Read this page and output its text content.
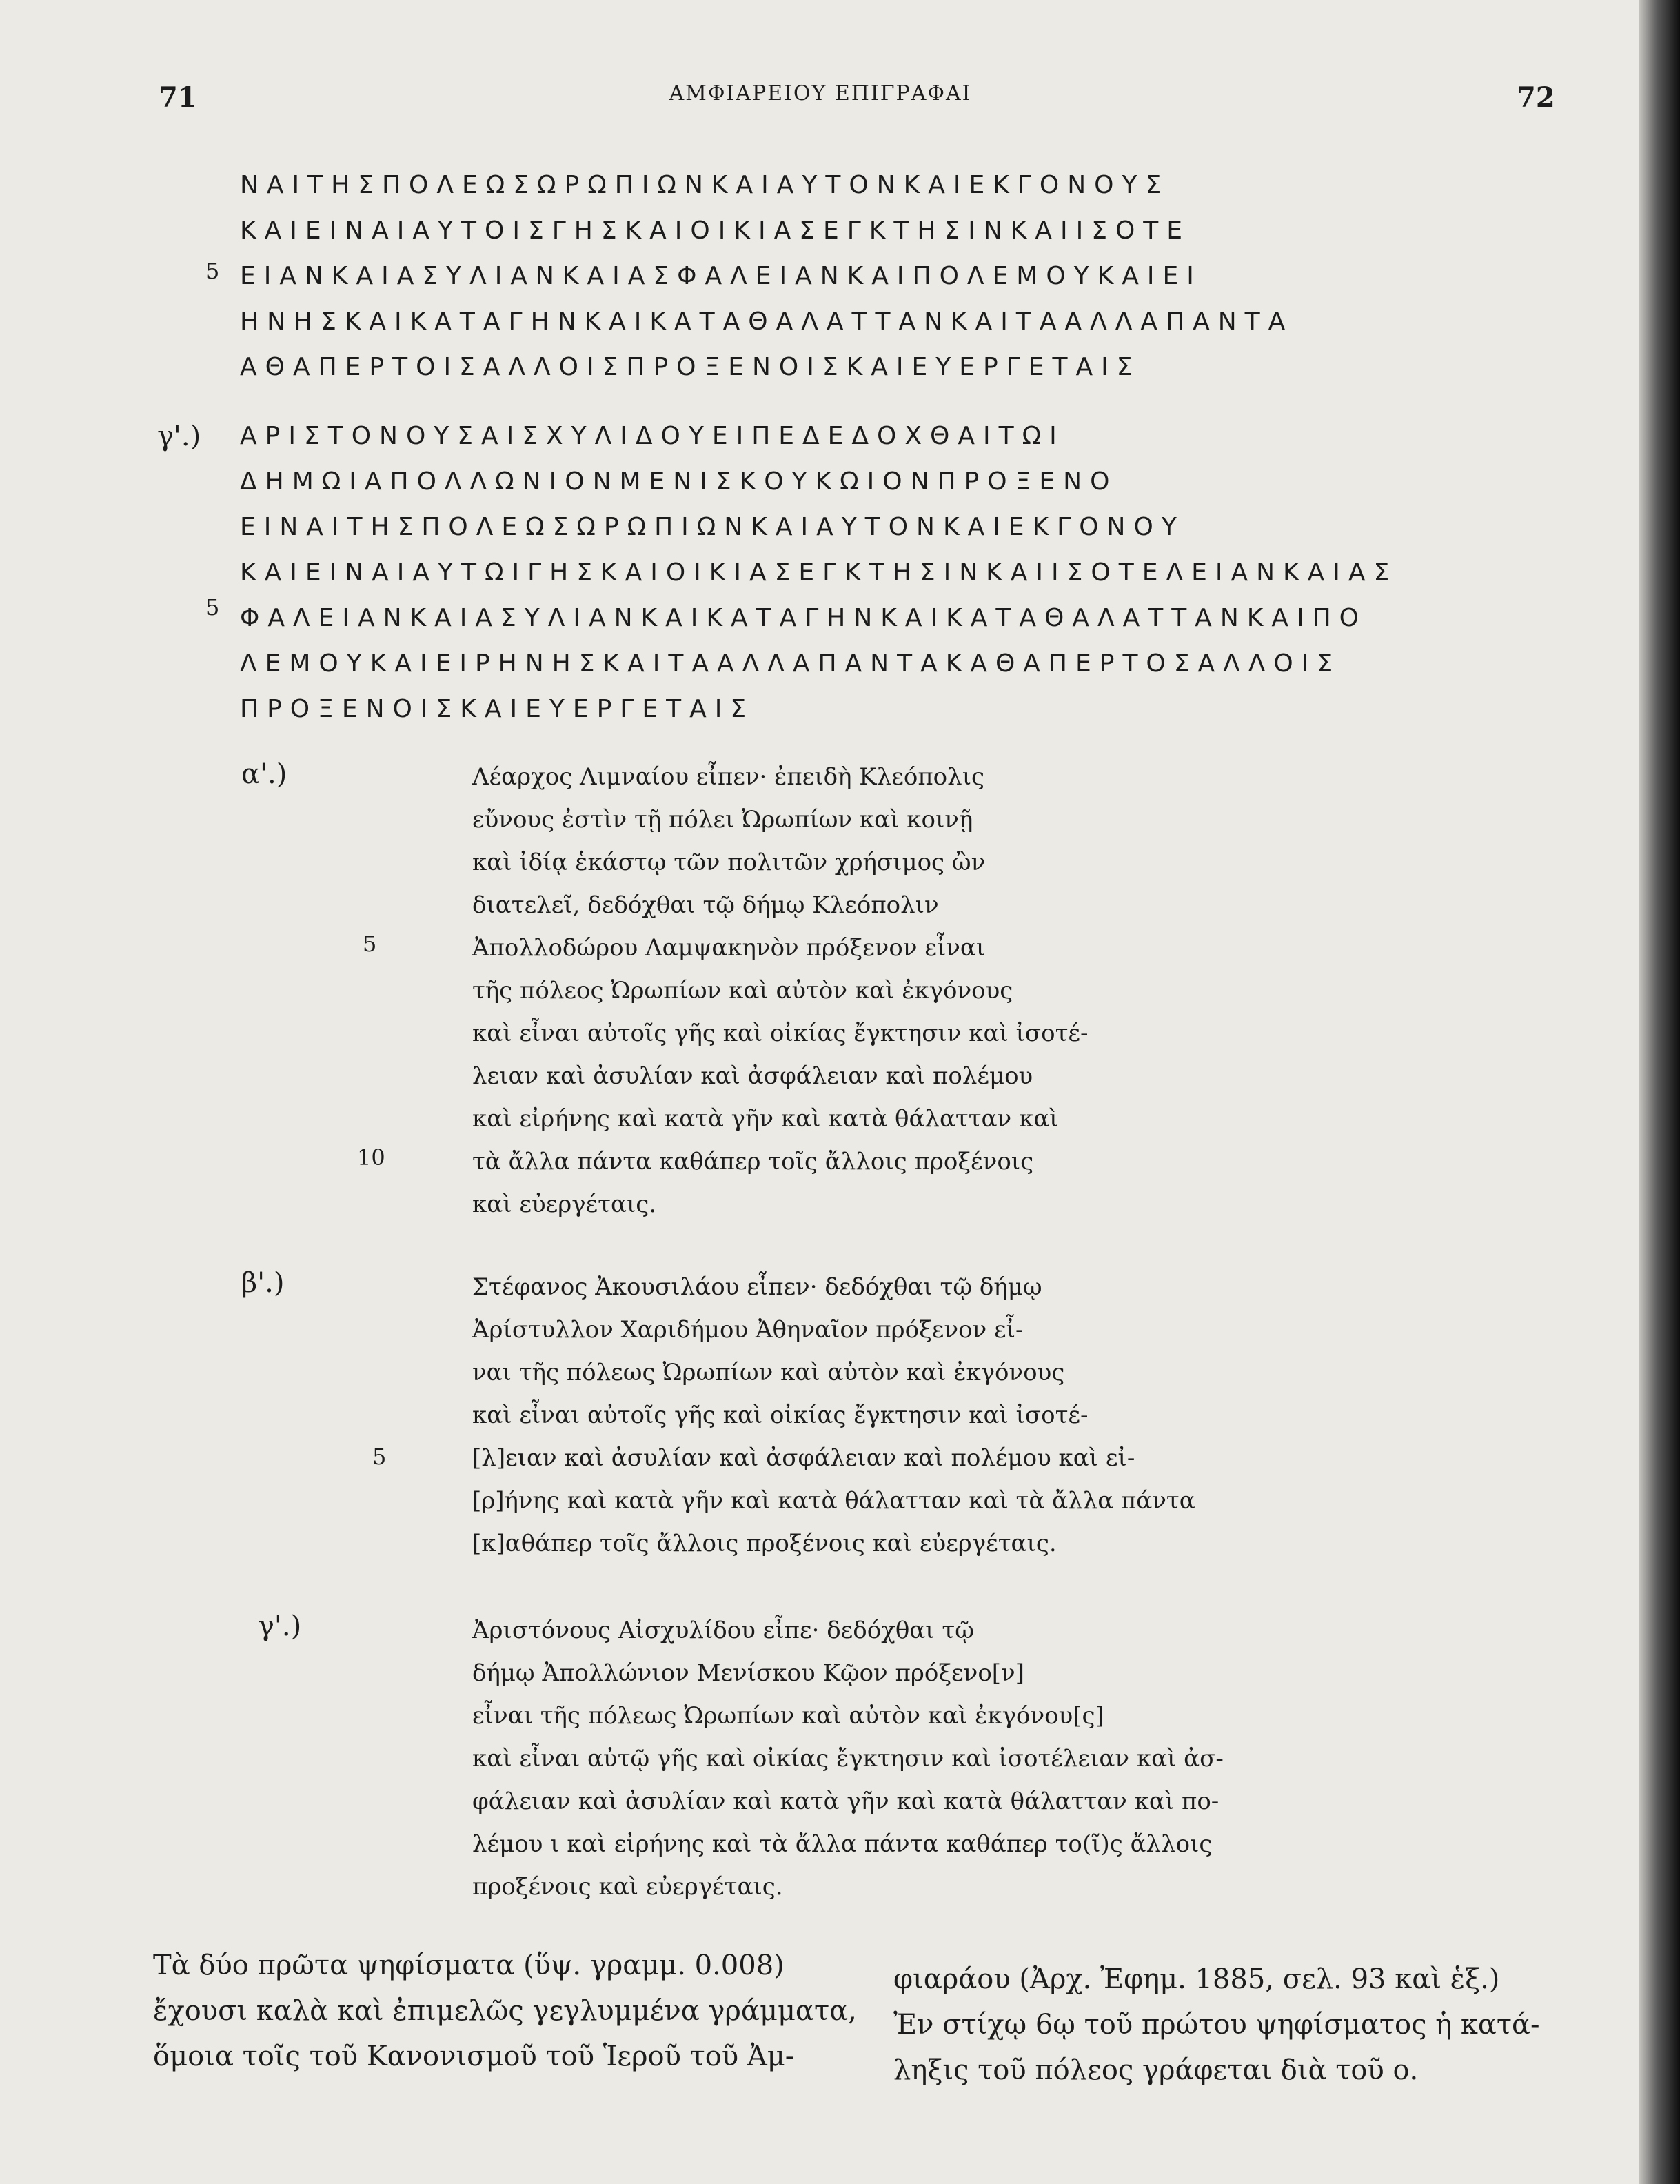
71	ΑΜΦΙΑΡΕΙΟΥ ΕΠΙΓΡΑΦΑΙ	72
ΝΑΙΤΗΣΠΟΛΕΩΣΩΡΩΠΙΩΝΚΑΙΑΥΤΟΝΚΑΙΕΚΓΟΝΟΥΣ
ΚΑΙΕΙΝΑΙΑΥΤΟΙΣΓΗΣΚΑΙΟΙΚΙΑΣΕΓΚΤΗΣΙΝΚΑΙΙΣΟΤΕ
ΕΙΑΝΚΑΙΑΣΥΛΙΑΝΚΑΙΑΣΦΑΛΕΙΑΝΚΑΙΠΟΛΕΜΟΥΚΑΙΕΙ
ΗΝΗΣΚΑΙΚΑΤΑΓΗΝΚΑΙΚΑΤΑΘΑΛΑΤΤΑΝΚΑΙΤΑΑΛΛΑΠΑΝΤΑ
ΑΘΑΠΕΡΤΟΙΣΑΛΛΟΙΣΠΡΟΞΕΝΟΙΣΚΑΙΕΥΕΡΓΕΤΑΙΣ
5
γ'.) ΑΡΙΣΤΟΝΟΥΣΑΙΣΧΥΛΙΔΟΥΕΙΠΕΔΕΔΟΧΘΑΙΤΩΙ
ΔΗΜΩΙΑΠΟΛΛΩΝΙΟΝΜΕΝΙΣΚΟΥΚΩΙΟΝΠΡΟΞΕΝΟ
ΕΙΝΑΙΤΗΣΠΟΛΕΩΣΩΡΩΠΙΩΝΚΑΙΑΥΤΟΝΚΑΙΕΚΓΟΝΟΥ
ΚΑΙΕΙΝΑΙΑΥΤΩΙΓΗΣΚΑΙΟΙΚΙΑΣΕΓΚΤΗΣΙΝΚΑΙΙΣΟΤΕΛΕΙΑΝΚΑΙΑΣ
ΦΑΛΕΙΑΝΚΑΙΑΣΥΛΙΑΝΚΑΙΚΑΤΑΓΗΝΚΑΙΚΑΤΑΘΑΛΑΤΤΑΝΚΑΙΠΟ
ΛΕΜΟΥΚΑΙΕΙΡΗΝΗΣΚΑΙΤΑΑΛΛΑΠΑΝΤΑΚΑΘΑΠΕΡΤΟΣΑΛΛΟΙΣ
ΠΡΟΞΕΝΟΙΣΚΑΙΕΥΕΡΓΕΤΑΙΣ
5
α'.)	Λέαρχος Λιμναίου εἶπεν· ἐπειδὴ Κλεόπολις
εὔνους ἐστὶν τῇ πόλει Ὠρωπίων καὶ κοινῇ
καὶ ἰδίᾳ ἑκάστῳ τῶν πολιτῶν χρήσιμος ὢν
διατελεῖ, δεδόχθαι τῷ δήμῳ Κλεόπολιν
Ἀπολλοδώρου Λαμψακηνὸν πρόξενον εἶναι
τῆς πόλεος Ὠρωπίων καὶ αὐτὸν καὶ ἐκγόνους
καὶ εἶναι αὐτοῖς γῆς καὶ οἰκίας ἔγκτησιν καὶ ἰσοτέ-
λειαν καὶ ἀσυλίαν καὶ ἀσφάλειαν καὶ πολέμου
καὶ εἰρήνης καὶ κατὰ γῆν καὶ κατὰ θάλατταν καὶ
τὰ ἄλλα πάντα καθάπερ τοῖς ἄλλοις προξένοις
καὶ εὐεργέταις.
5
10
β'.)	Στέφανος Ἀκουσιλάου εἶπεν· δεδόχθαι τῷ δήμῳ
Ἀρίστυλλον Χαριδήμου Ἀθηναῖον πρόξενον εἶ-
ναι τῆς πόλεως Ὠρωπίων καὶ αὐτὸν καὶ ἐκγόνους
καὶ εἶναι αὐτοῖς γῆς καὶ οἰκίας ἔγκτησιν καὶ ἰσοτέ-
[λ]ειαν καὶ ἀσυλίαν καὶ ἀσφάλειαν καὶ πολέμου καὶ εἰ-
[ρ]ήνης καὶ κατὰ γῆν καὶ κατὰ θάλατταν καὶ τὰ ἄλλα πάντα
[κ]αθάπερ τοῖς ἄλλοις προξένοις καὶ εὐεργέταις.
5
γ'.)	Ἀριστόνους Αἰσχυλίδου εἶπε· δεδόχθαι τῷ
δήμῳ Ἀπολλώνιον Μενίσκου Κῷον πρόξενο[ν]
εἶναι τῆς πόλεως Ὠρωπίων καὶ αὐτὸν καὶ ἐκγόνου[ς]
καὶ εἶναι αὐτῷ γῆς καὶ οἰκίας ἔγκτησιν καὶ ἰσοτέλειαν καὶ ἀσ-
φάλειαν καὶ ἀσυλίαν καὶ κατὰ γῆν καὶ κατὰ θάλατταν καὶ πο-
λέμου ι καὶ εἰρήνης καὶ τὰ ἄλλα πάντα καθάπερ το(ῖ)ς ἄλλοις
προξένοις καὶ εὐεργέταις.
Τὰ δύο πρῶτα ψηφίσματα (ὕψ. γραμμ. 0.008)
ἔχουσι καλὰ καὶ ἐπιμελῶς γεγλυμμένα γράμματα,
ὅμοια τοῖς τοῦ Κανονισμοῦ τοῦ Ἱεροῦ τοῦ Ἀμ-
φιαράου (Ἀρχ. Ἐφημ. 1885, σελ. 93 καὶ ἑξ.)
Ἐν στίχῳ 6ῳ τοῦ πρώτου ψηφίσματος ἡ κατά-
ληξις τοῦ πόλεος γράφεται διὰ τοῦ ο.
